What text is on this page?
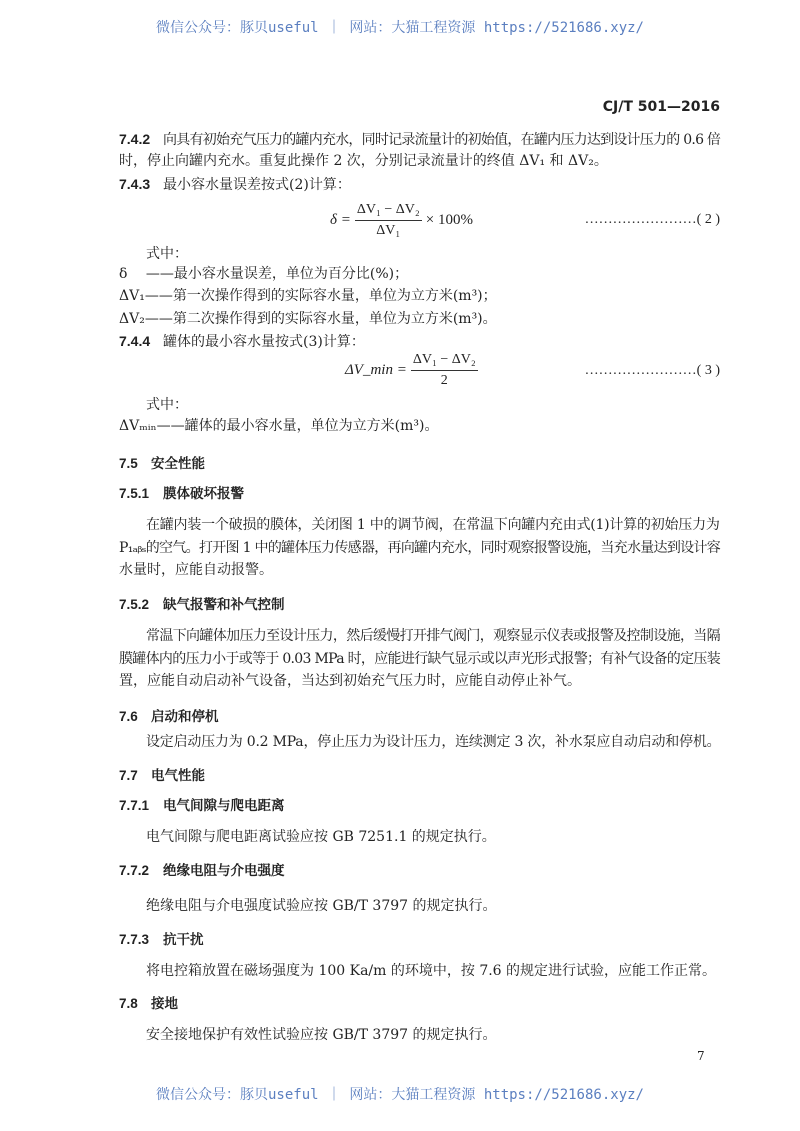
微信公众号：豚贝useful ｜ 网站：大猫工程资源 https://521686.xyz/
CJ/T 501—2016
7.4.2 向具有初始充气压力的罐内充水，同时记录流量计的初始值，在罐内压力达到设计压力的 0.6 倍
时，停止向罐内充水。重复此操作 2 次，分别记录流量计的终值 ΔV₁ 和 ΔV₂。
7.4.3 最小容水量误差按式(2)计算：
$\delta = \frac{\text{ΔV₁ − ΔV₂}}{\text{ΔV₁}} \times 100\%$	……………………( 2 )
式中：
δ　 ——最小容水量误差，单位为百分比(%)；
ΔV₁——第一次操作得到的实际容水量，单位为立方米(m³)；
ΔV₂——第二次操作得到的实际容水量，单位为立方米(m³)。
7.4.4 罐体的最小容水量按式(3)计算：
ΔV_min = $\frac{\text{ΔV₁ − ΔV₂}}{2}$	……………………( 3 )
式中：
ΔVₘᵢₙ——罐体的最小容水量，单位为立方米(m³)。
7.5 安全性能
7.5.1 膜体破坏报警
在罐内装一个破损的膜体，关闭图 1 中的调节阀，在常温下向罐内充由式(1)计算的初始压力为
P₁ₐᵦₛ的空气。打开图 1 中的罐体压力传感器，再向罐内充水，同时观察报警设施，当充水量达到设计容
水量时，应能自动报警。
7.5.2 缺气报警和补气控制
常温下向罐体加压力至设计压力，然后缓慢打开排气阀门，观察显示仪表或报警及控制设施，当隔
膜罐体内的压力小于或等于 0.03 MPa 时，应能进行缺气显示或以声光形式报警；有补气设备的定压装
置，应能自动启动补气设备，当达到初始充气压力时，应能自动停止补气。
7.6 启动和停机
设定启动压力为 0.2 MPa，停止压力为设计压力，连续测定 3 次，补水泵应自动启动和停机。
7.7 电气性能
7.7.1 电气间隙与爬电距离
电气间隙与爬电距离试验应按 GB 7251.1 的规定执行。
7.7.2 绝缘电阻与介电强度
绝缘电阻与介电强度试验应按 GB/T 3797 的规定执行。
7.7.3 抗干扰
将电控箱放置在磁场强度为 100 Ka/m 的环境中，按 7.6 的规定进行试验，应能工作正常。
7.8 接地
安全接地保护有效性试验应按 GB/T 3797 的规定执行。
7
微信公众号：豚贝useful ｜ 网站：大猫工程资源 https://521686.xyz/
